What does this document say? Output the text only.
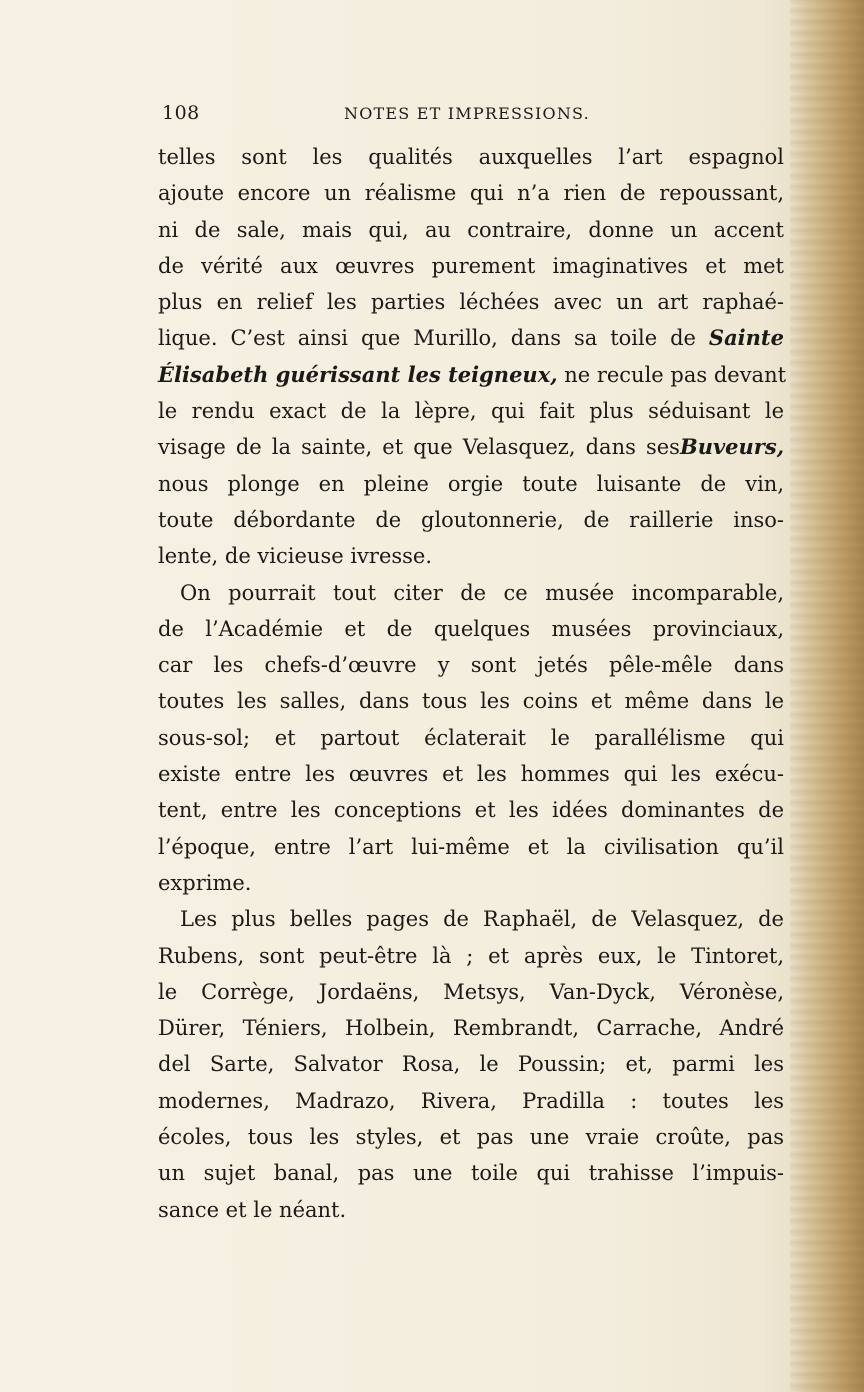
108	NOTES ET IMPRESSIONS.
telles sont les qualités auxquelles l’art espagnol
ajoute encore un réalisme qui n’a rien de repoussant,
ni de sale, mais qui, au contraire, donne un accent
de vérité aux œuvres purement imaginatives et met
plus en relief les parties léchées avec un art raphaé-
lique. C’est ainsi que Murillo, dans sa toile de Sainte
Élisabeth guérissant les teigneux, ne recule pas devant
le rendu exact de la lèpre, qui fait plus séduisant le
visage de la sainte, et que Velasquez, dans sesBuveurs,
nous plonge en pleine orgie toute luisante de vin,
toute débordante de gloutonnerie, de raillerie inso-
lente, de vicieuse ivresse.
On pourrait tout citer de ce musée incomparable,
de l’Académie et de quelques musées provinciaux,
car les chefs-d’œuvre y sont jetés pêle-mêle dans
toutes les salles, dans tous les coins et même dans le
sous-sol; et partout éclaterait le parallélisme qui
existe entre les œuvres et les hommes qui les exécu-
tent, entre les conceptions et les idées dominantes de
l’époque, entre l’art lui-même et la civilisation qu’il
exprime.
Les plus belles pages de Raphaël, de Velasquez, de
Rubens, sont peut-être là ; et après eux, le Tintoret,
le Corrège, Jordaëns, Metsys, Van-Dyck, Véronèse,
Dürer, Téniers, Holbein, Rembrandt, Carrache, André
del Sarte, Salvator Rosa, le Poussin; et, parmi les
modernes, Madrazo, Rivera, Pradilla : toutes les
écoles, tous les styles, et pas une vraie croûte, pas
un sujet banal, pas une toile qui trahisse l’impuis-
sance et le néant.
